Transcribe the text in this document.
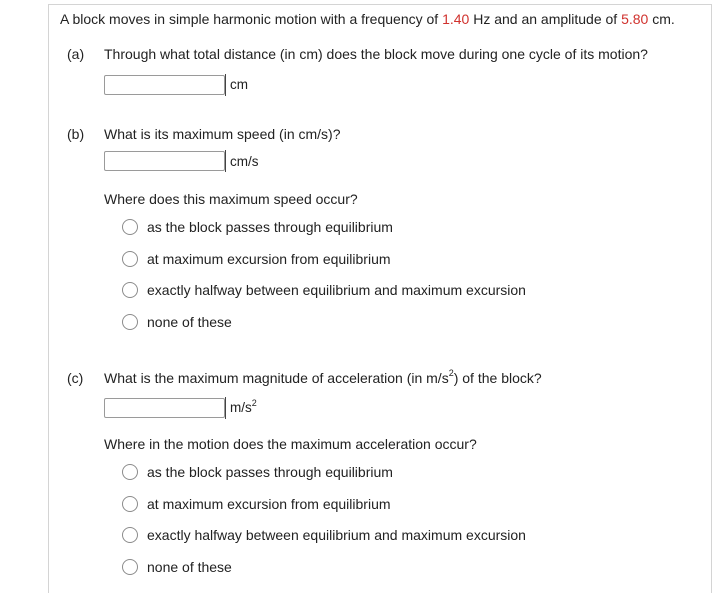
A block moves in simple harmonic motion with a frequency of 1.40 Hz and an amplitude of 5.80 cm.
(a) Through what total distance (in cm) does the block move during one cycle of its motion?
cm
(b) What is its maximum speed (in cm/s)?
cm/s
Where does this maximum speed occur?
as the block passes through equilibrium
at maximum excursion from equilibrium
exactly halfway between equilibrium and maximum excursion
none of these
(c) What is the maximum magnitude of acceleration (in $m/s^2$) of the block?
$m/s^2$
Where in the motion does the maximum acceleration occur?
as the block passes through equilibrium
at maximum excursion from equilibrium
exactly halfway between equilibrium and maximum excursion
none of these
